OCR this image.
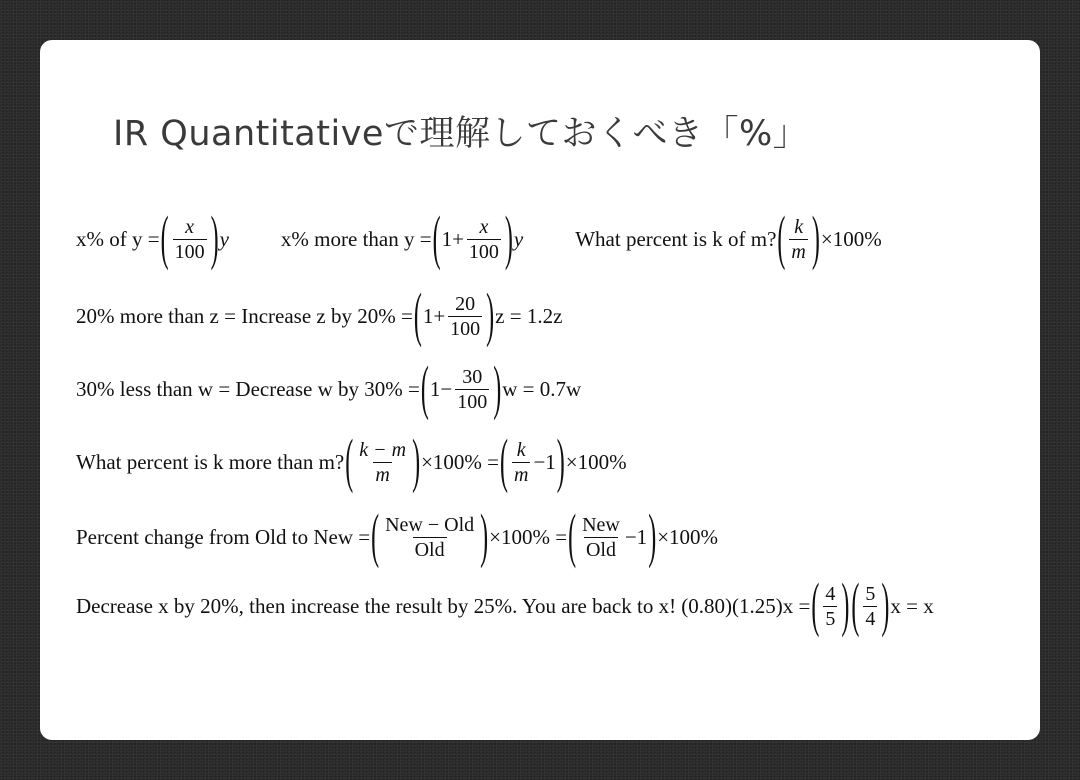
IR Quantitativeで理解しておくべき「%」
x% of y = ( $\frac{x}{100}$ ) y x% more than y = ( $1+ \frac{x}{100}$ ) y What percent is k of m? ( $\frac{k}{m}$ ) ×100%
20% more than z = Increase z by 20% = ( $1+ \frac{20}{100}$ ) z = 1.2z
30% less than w = Decrease w by 30% = ( $1- \frac{30}{100}$ ) w = 0.7w
What percent is k more than m? ( $\frac{k - m}{m}$ ) ×100% = ( $\frac{k}{m} -1$ ) ×100%
Percent change from Old to New = ( $\frac{\text{New − Old}}{\text{Old}}$ ) ×100% = ( $\frac{\text{New}}{\text{Old}} -1$ ) ×100%
Decrease x by 20%, then increase the result by 25%. You are back to x! (0.80)(1.25)x = ( $\frac{4}{5}$ ) ( $\frac{5}{4}$ ) x = x
